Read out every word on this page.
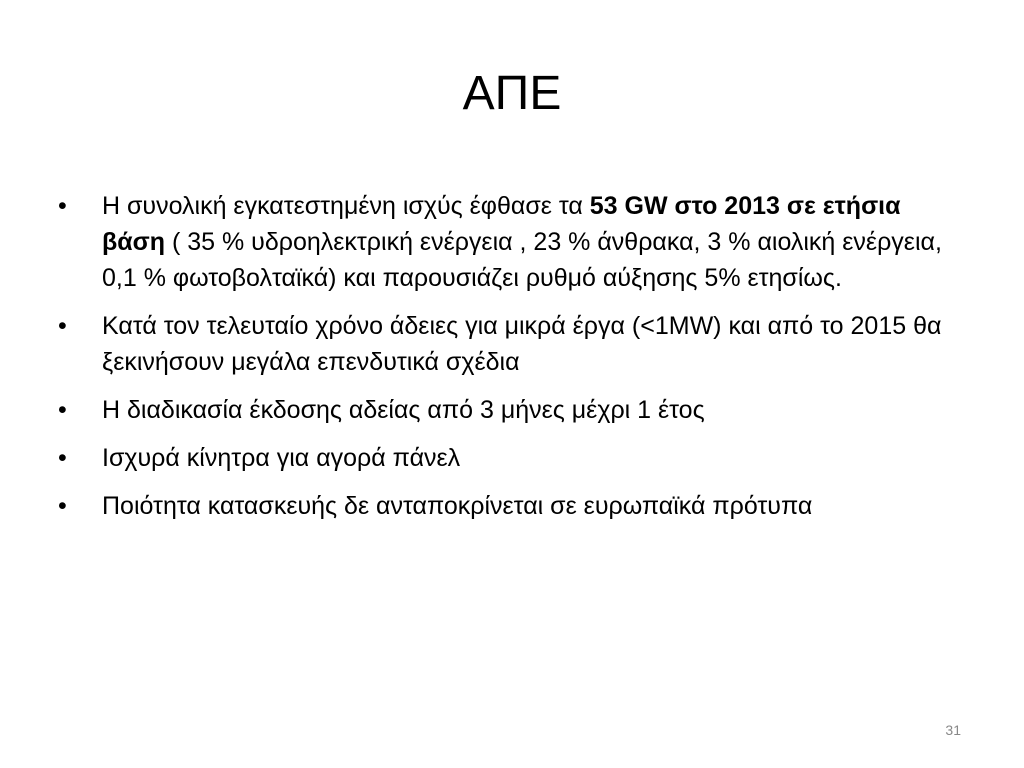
ΑΠΕ
•	Η συνολική εγκατεστημένη ισχύς έφθασε τα 53 GW στο 2013 σε ετήσια βάση ( 35 % υδροηλεκτρική ενέργεια , 23 % άνθρακα, 3 % αιολική ενέργεια, 0,1 % φωτοβολταϊκά) και παρουσιάζει ρυθμό αύξησης 5% ετησίως.
•	Κατά τον τελευταίο χρόνο άδειες για μικρά έργα (<1MW) και από το 2015 θα ξεκινήσουν μεγάλα επενδυτικά σχέδια
•	Η διαδικασία έκδοσης αδείας από 3 μήνες μέχρι 1 έτος
•	Ισχυρά κίνητρα για αγορά πάνελ
•	Ποιότητα κατασκευής δε ανταποκρίνεται σε ευρωπαϊκά πρότυπα
31
